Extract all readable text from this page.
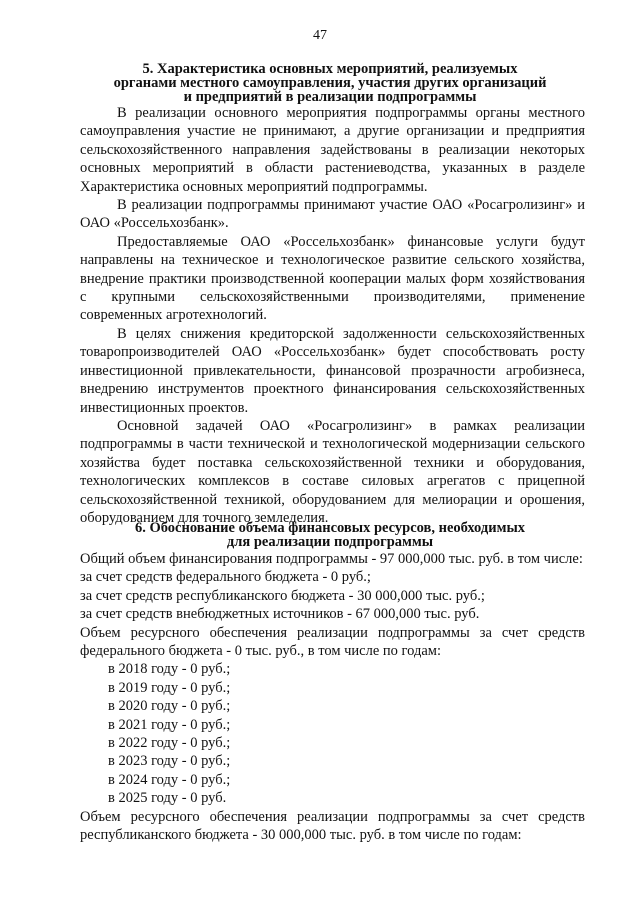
47
5. Характеристика основных мероприятий, реализуемых
органами местного самоуправления, участия других организаций
и предприятий в реализации подпрограммы

В реализации основного мероприятия подпрограммы органы местного самоуправления участие не принимают, а другие организации и предприятия сельскохозяйственного направления задействованы в реализации некоторых основных мероприятий в области растениеводства, указанных в разделе Характеристика основных мероприятий подпрограммы.

В реализации подпрограммы принимают участие ОАО «Росагролизинг» и ОАО «Россельхозбанк».

Предоставляемые ОАО «Россельхозбанк» финансовые услуги будут направлены на техническое и технологическое развитие сельского хозяйства, внедрение практики производственной кооперации малых форм хозяйствования с крупными сельскохозяйственными производителями, применение современных агротехнологий.

В целях снижения кредиторской задолженности сельскохозяйственных товаропроизводителей ОАО «Россельхозбанк» будет способствовать росту инвестиционной привлекательности, финансовой прозрачности агробизнеса, внедрению инструментов проектного финансирования сельскохозяйственных инвестиционных проектов.

Основной задачей ОАО «Росагролизинг» в рамках реализации подпрограммы в части технической и технологической модернизации сельского хозяйства будет поставка сельскохозяйственной техники и оборудования, технологических комплексов в составе силовых агрегатов с прицепной сельскохозяйственной техникой, оборудованием для мелиорации и орошения, оборудованием для точного земледелия.

6. Обоснование объема финансовых ресурсов, необходимых
для реализации подпрограммы

Общий объем финансирования подпрограммы - 97 000,000 тыс. руб. в том числе:

за счет средств федерального бюджета - 0 руб.;

за счет средств республиканского бюджета - 30 000,000 тыс. руб.;

за счет средств внебюджетных источников - 67 000,000 тыс. руб.

Объем ресурсного обеспечения реализации подпрограммы за счет средств федерального бюджета - 0 тыс. руб., в том числе по годам:

в 2018 году - 0 руб.;
в 2019 году - 0 руб.;
в 2020 году - 0 руб.;
в 2021 году - 0 руб.;
в 2022 году - 0 руб.;
в 2023 году - 0 руб.;
в 2024 году - 0 руб.;
в 2025 году - 0 руб.

Объем ресурсного обеспечения реализации подпрограммы за счет средств республиканского бюджета - 30 000,000 тыс. руб. в том числе по годам:
